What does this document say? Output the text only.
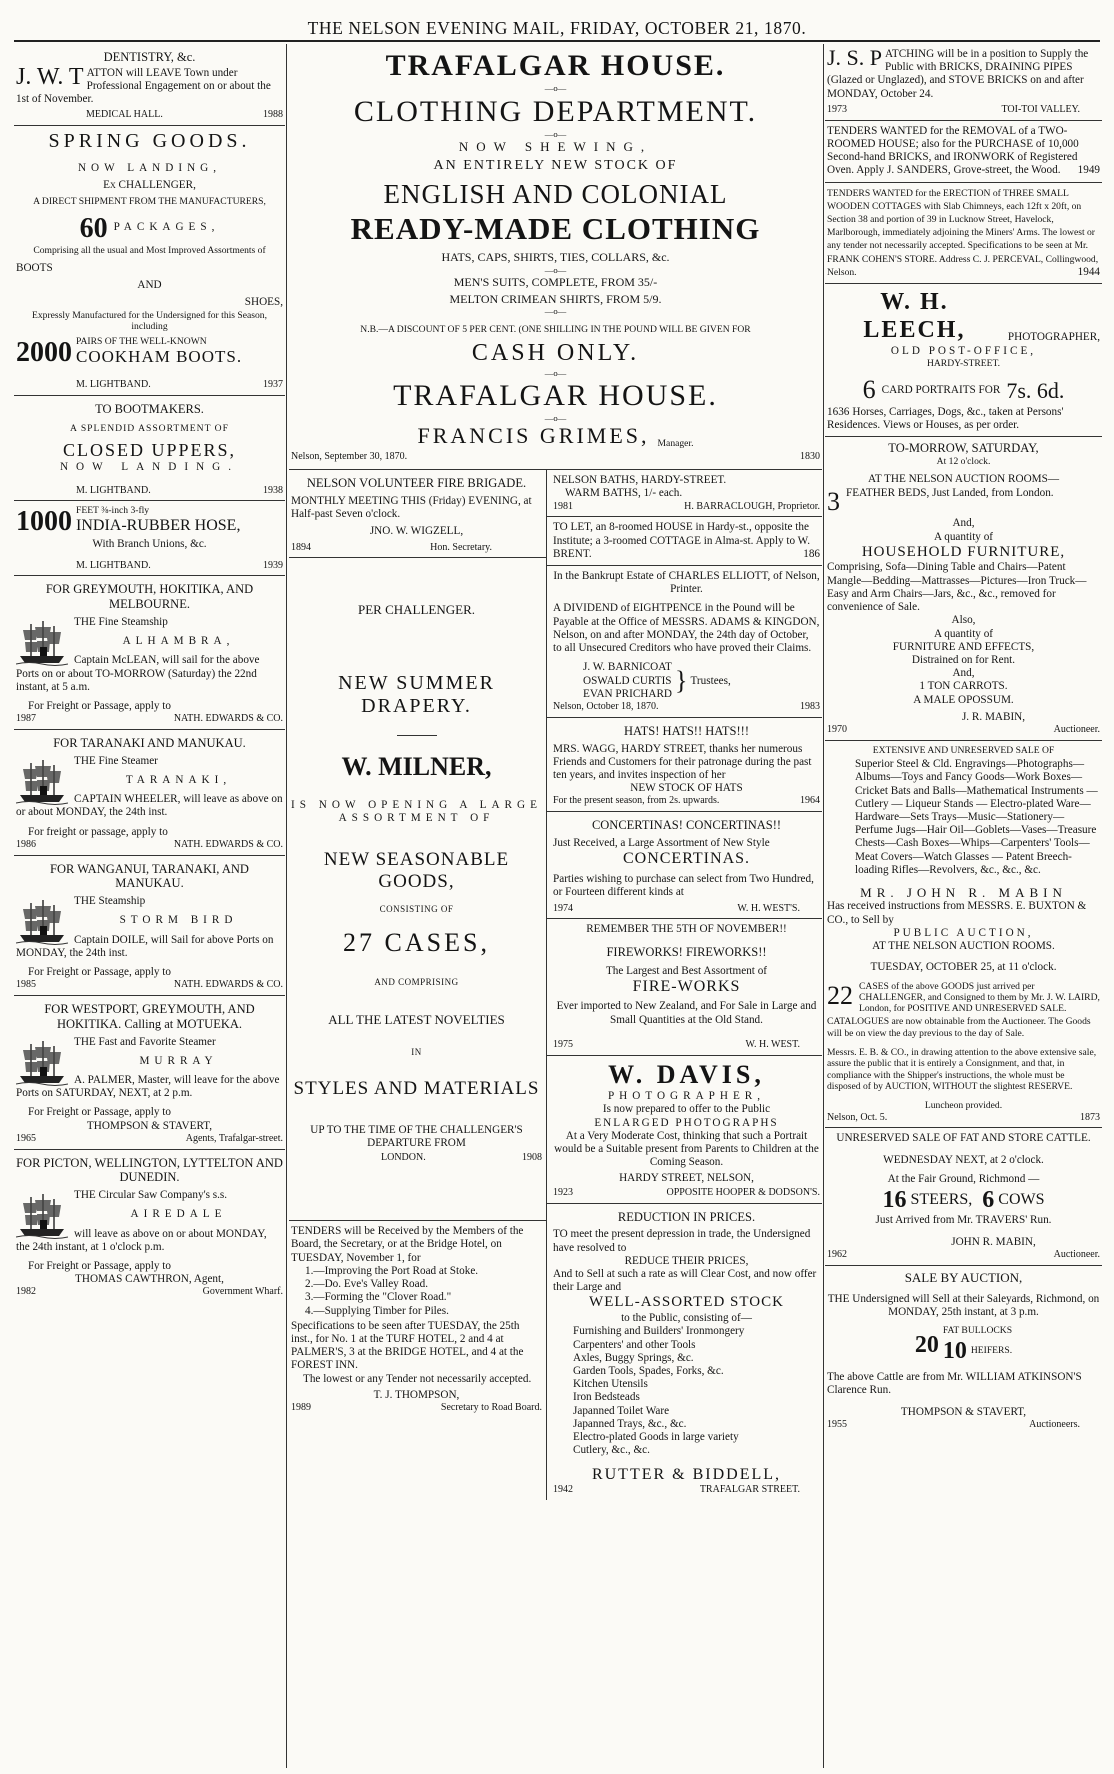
THE NELSON EVENING MAIL, FRIDAY, OCTOBER 21, 1870.
DENTISTRY, &c.
J. W. T ATTON will LEAVE Town under Professional Engagement on or about the 1st of November.
MEDICAL HALL.	1988
SPRING GOODS.
NOW LANDING,
Ex CHALLENGER,
A DIRECT SHIPMENT FROM THE MANUFACTURERS,
60 PACKAGES,
Comprising all the usual and Most Improved Assortments of
BOOTS
AND
SHOES,
Expressly Manufactured for the Undersigned for this Season, including
2000 PAIRS OF THE WELL-KNOWN
COOKHAM BOOTS.
M. LIGHTBAND.	1937
TO BOOTMAKERS.
A SPLENDID ASSORTMENT OF
CLOSED UPPERS,
NOW LANDING.
M. LIGHTBAND.	1938
1000 FEET ⅜-inch 3-fly
INDIA-RUBBER HOSE,
With Branch Unions, &c.
M. LIGHTBAND.	1939
FOR GREYMOUTH, HOKITIKA, AND MELBOURNE.
THE Fine Steamship
ALHAMBRA,
Captain McLEAN, will sail for the above Ports on or about TO-MORROW (Saturday) the 22nd instant, at 5 a.m.
For Freight or Passage, apply to
1987	NATH. EDWARDS & CO.
FOR TARANAKI AND MANUKAU.
THE Fine Steamer
TARANAKI,
CAPTAIN WHEELER, will leave as above on or about MONDAY, the 24th inst.
For freight or passage, apply to
1986	NATH. EDWARDS & CO.
FOR WANGANUI, TARANAKI, AND MANUKAU.
THE Steamship
STORM BIRD
Captain DOILE, will Sail for above Ports on MONDAY, the 24th inst.
For Freight or Passage, apply to
1985	NATH. EDWARDS & CO.
FOR WESTPORT, GREYMOUTH, AND HOKITIKA. Calling at MOTUEKA.
THE Fast and Favorite Steamer
MURRAY
A. PALMER, Master, will leave for the above Ports on SATURDAY, NEXT, at 2 p.m.
For Freight or Passage, apply to
THOMPSON & STAVERT,
1965	Agents, Trafalgar-street.
FOR PICTON, WELLINGTON, LYTTELTON AND DUNEDIN.
THE Circular Saw Company's s.s.
AIREDALE
will leave as above on or about MONDAY, the 24th instant, at 1 o'clock p.m.
For Freight or Passage, apply to
THOMAS CAWTHRON, Agent,
1982	Government Wharf.
TRAFALGAR HOUSE.
—o—
CLOTHING DEPARTMENT.
—o—
NOW SHEWING,
AN ENTIRELY NEW STOCK OF
ENGLISH AND COLONIAL
READY-MADE CLOTHING
HATS, CAPS, SHIRTS, TIES, COLLARS, &c.
—o—
MEN'S SUITS, COMPLETE, FROM 35/-
MELTON CRIMEAN SHIRTS, FROM 5/9.
—o—
N.B.—A DISCOUNT OF 5 PER CENT. (ONE SHILLING IN THE POUND WILL BE GIVEN FOR
CASH ONLY.
—o—
TRAFALGAR HOUSE.
—o—
FRANCIS GRIMES, Manager.
Nelson, September 30, 1870.	1830
NELSON VOLUNTEER FIRE BRIGADE.
MONTHLY MEETING THIS (Friday) EVENING, at Half-past Seven o'clock.
JNO. W. WIGZELL,
1894	Hon. Secretary.
PER CHALLENGER.
NEW SUMMER DRAPERY.
W. MILNER,
IS NOW OPENING A LARGE ASSORTMENT OF
NEW SEASONABLE GOODS,
CONSISTING OF
27 CASES,
AND COMPRISING
ALL THE LATEST NOVELTIES
IN
STYLES AND MATERIALS
UP TO THE TIME OF THE CHALLENGER'S DEPARTURE FROM
LONDON.	1908
TENDERS will be Received by the Members of the Board, the Secretary, or at the Bridge Hotel, on TUESDAY, November 1, for
1.—Improving the Port Road at Stoke.
2.—Do. Eve's Valley Road.
3.—Forming the "Clover Road."
4.—Supplying Timber for Piles.
Specifications to be seen after TUESDAY, the 25th inst., for No. 1 at the TURF HOTEL, 2 and 4 at PALMER'S, 3 at the BRIDGE HOTEL, and 4 at the FOREST INN.
The lowest or any Tender not necessarily accepted.
T. J. THOMPSON,
1989	Secretary to Road Board.
NELSON BATHS, HARDY-STREET.
WARM BATHS, 1/- each.
1981	H. BARRACLOUGH, Proprietor.
TO LET, an 8-roomed HOUSE in Hardy-st., opposite the Institute; a 3-roomed COTTAGE in Alma-st. Apply to W. BRENT.	186
In the Bankrupt Estate of CHARLES ELLIOTT, of Nelson, Printer.
A DIVIDEND of EIGHTPENCE in the Pound will be Payable at the Office of MESSRS. ADAMS & KINGDON, Nelson, on and after MONDAY, the 24th day of October, to all Unsecured Creditors who have proved their Claims.
J. W. BARNICOAT
OSWALD CURTIS
EVAN PRICHARD } Trustees,
Nelson, October 18, 1870.	1983
HATS! HATS!! HATS!!!
MRS. WAGG, HARDY STREET, thanks her numerous Friends and Customers for their patronage during the past ten years, and invites inspection of her
NEW STOCK OF HATS
For the present season, from 2s. upwards.	1964
CONCERTINAS! CONCERTINAS!!
Just Received, a Large Assortment of New Style
CONCERTINAS.
Parties wishing to purchase can select from Two Hundred, or Fourteen different kinds at
1974	W. H. WEST'S.
REMEMBER THE 5TH OF NOVEMBER!!
FIREWORKS! FIREWORKS!!
The Largest and Best Assortment of
FIRE-WORKS
Ever imported to New Zealand, and For Sale in Large and Small Quantities at the Old Stand.
1975	W. H. WEST.
W. DAVIS,
PHOTOGRAPHER,
Is now prepared to offer to the Public
ENLARGED PHOTOGRAPHS
At a Very Moderate Cost, thinking that such a Portrait would be a Suitable present from Parents to Children at the Coming Season.
HARDY STREET, NELSON,
1923	OPPOSITE HOOPER & DODSON'S.
REDUCTION IN PRICES.
TO meet the present depression in trade, the Undersigned have resolved to
REDUCE THEIR PRICES,
And to Sell at such a rate as will Clear Cost, and now offer their Large and
WELL-ASSORTED STOCK
to the Public, consisting of—
Furnishing and Builders' Ironmongery
Carpenters' and other Tools
Axles, Buggy Springs, &c.
Garden Tools, Spades, Forks, &c.
Kitchen Utensils
Iron Bedsteads
Japanned Toilet Ware
Japanned Trays, &c., &c.
Electro-plated Goods in large variety
Cutlery, &c., &c.
RUTTER & BIDDELL,
1942	TRAFALGAR STREET.
J. S. P ATCHING will be in a position to Supply the Public with BRICKS, DRAINING PIPES (Glazed or Unglazed), and STOVE BRICKS on and after MONDAY, October 24.
1973	TOI-TOI VALLEY.
TENDERS WANTED for the REMOVAL of a TWO-ROOMED HOUSE; also for the PURCHASE of 10,000 Second-hand BRICKS, and IRONWORK of Registered Oven. Apply J. SANDERS, Grove-street, the Wood. 1949
TENDERS WANTED for the ERECTION of THREE SMALL WOODEN COTTAGES with Slab Chimneys, each 12ft x 20ft, on Section 38 and portion of 39 in Lucknow Street, Havelock, Marlborough, immediately adjoining the Miners' Arms. The lowest or any tender not necessarily accepted. Specifications to be seen at Mr. FRANK COHEN'S STORE. Address C. J. PERCEVAL, Collingwood, Nelson.	1944
W. H. LEECH,	PHOTOGRAPHER,
OLD POST-OFFICE,
HARDY-STREET.
6 CARD PORTRAITS FOR 7s. 6d.
1636 Horses, Carriages, Dogs, &c., taken at Persons' Residences. Views or Houses, as per order.
TO-MORROW, SATURDAY,
At 12 o'clock.
AT THE NELSON AUCTION ROOMS—
3 FEATHER BEDS, Just Landed, from London.
And,
A quantity of
HOUSEHOLD FURNITURE,
Comprising, Sofa—Dining Table and Chairs—Patent Mangle—Bedding—Mattrasses—Pictures—Iron Truck—Easy and Arm Chairs—Jars, &c., &c., removed for convenience of Sale.
Also,
A quantity of
FURNITURE AND EFFECTS,
Distrained on for Rent.
And,
1 TON CARROTS.
A MALE OPOSSUM.
J. R. MABIN,
1970	Auctioneer.
EXTENSIVE AND UNRESERVED SALE OF
Superior Steel & Cld. Engravings—Photographs—Albums—Toys and Fancy Goods—Work Boxes—Cricket Bats and Balls—Mathematical Instruments — Cutlery — Liqueur Stands — Electro-plated Ware—Hardware—Sets Trays—Music—Stationery—Perfume Jugs—Hair Oil—Goblets—Vases—Treasure Chests—Cash Boxes—Whips—Carpenters' Tools—Meat Covers—Watch Glasses — Patent Breech-loading Rifles—Revolvers, &c., &c., &c.
MR. JOHN R. MABIN
Has received instructions from MESSRS. E. BUXTON & CO., to Sell by
PUBLIC AUCTION,
AT THE NELSON AUCTION ROOMS.
TUESDAY, OCTOBER 25, at 11 o'clock.
22 CASES of the above GOODS just arrived per CHALLENGER, and Consigned to them by Mr. J. W. LAIRD, London, for POSITIVE AND UNRESERVED SALE.
CATALOGUES are now obtainable from the Auctioneer. The Goods will be on view the day previous to the day of Sale.
Messrs. E. B. & CO., in drawing attention to the above extensive sale, assure the public that it is entirely a Consignment, and that, in compliance with the Shipper's instructions, the whole must be disposed of by AUCTION, WITHOUT the slightest RESERVE.
Luncheon provided.
Nelson, Oct. 5.	1873
UNRESERVED SALE OF FAT AND STORE CATTLE.
WEDNESDAY NEXT, at 2 o'clock.
At the Fair Ground, Richmond —
16 STEERS, 6 COWS
Just Arrived from Mr. TRAVERS' Run.
JOHN R. MABIN,
1962	Auctioneer.
SALE BY AUCTION,
THE Undersigned will Sell at their Saleyards, Richmond, on
MONDAY, 25th instant, at 3 p.m.
20
FAT BULLOCKS
10 HEIFERS.
The above Cattle are from Mr. WILLIAM ATKINSON'S Clarence Run.
THOMPSON & STAVERT,
1955	Auctioneers.
